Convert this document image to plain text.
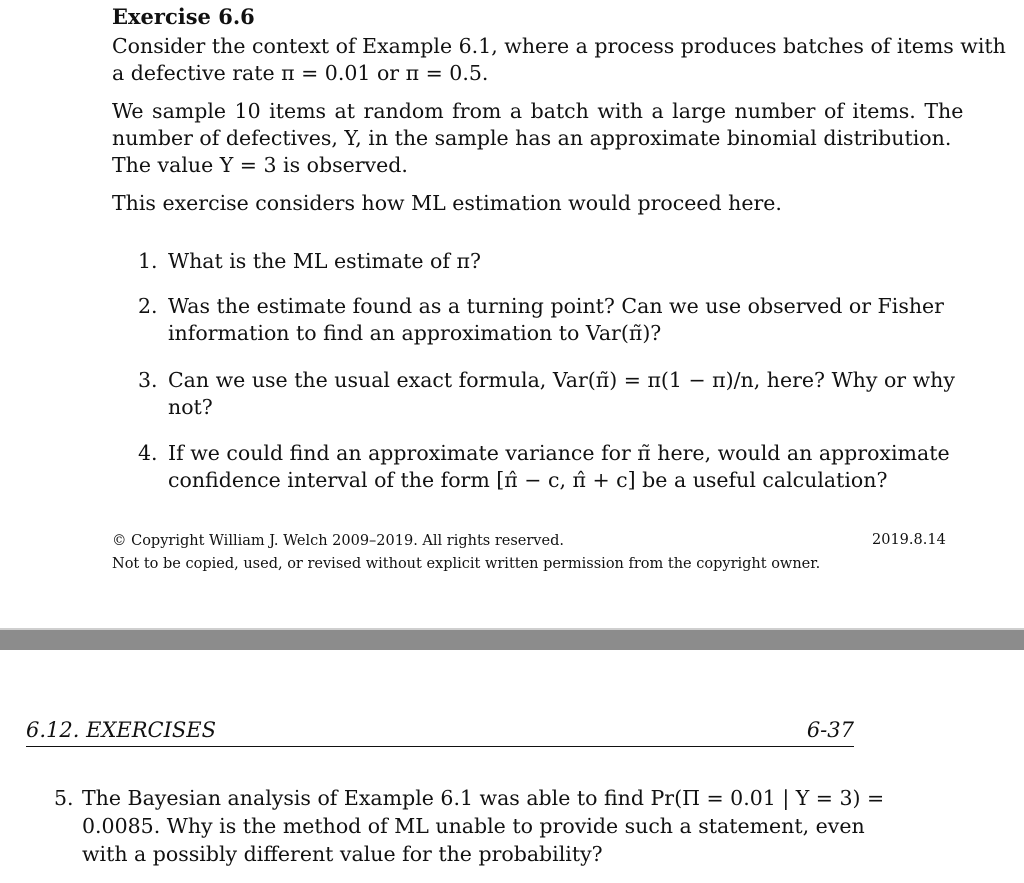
Exercise 6.6
Consider the context of Example 6.1, where a process produces batches of items with
a defective rate π = 0.01 or π = 0.5.
We sample 10 items at random from a batch with a large number of items. The
number of defectives, Y, in the sample has an approximate binomial distribution.
The value Y = 3 is observed.
This exercise considers how ML estimation would proceed here.
1. What is the ML estimate of π?
2. Was the estimate found as a turning point? Can we use observed or Fisher
information to find an approximation to Var(π̃)?
3. Can we use the usual exact formula, Var(π̃) = π(1 − π)/n, here? Why or why
not?
4. If we could find an approximate variance for π̃ here, would an approximate
confidence interval of the form [π̂ − c, π̂ + c] be a useful calculation?
© Copyright William J. Welch 2009–2019. All rights reserved.	2019.8.14
Not to be copied, used, or revised without explicit written permission from the copyright owner.
6.12. EXERCISES	6-37
5. The Bayesian analysis of Example 6.1 was able to find Pr(Π = 0.01 | Y = 3) =
0.0085. Why is the method of ML unable to provide such a statement, even
with a possibly different value for the probability?
